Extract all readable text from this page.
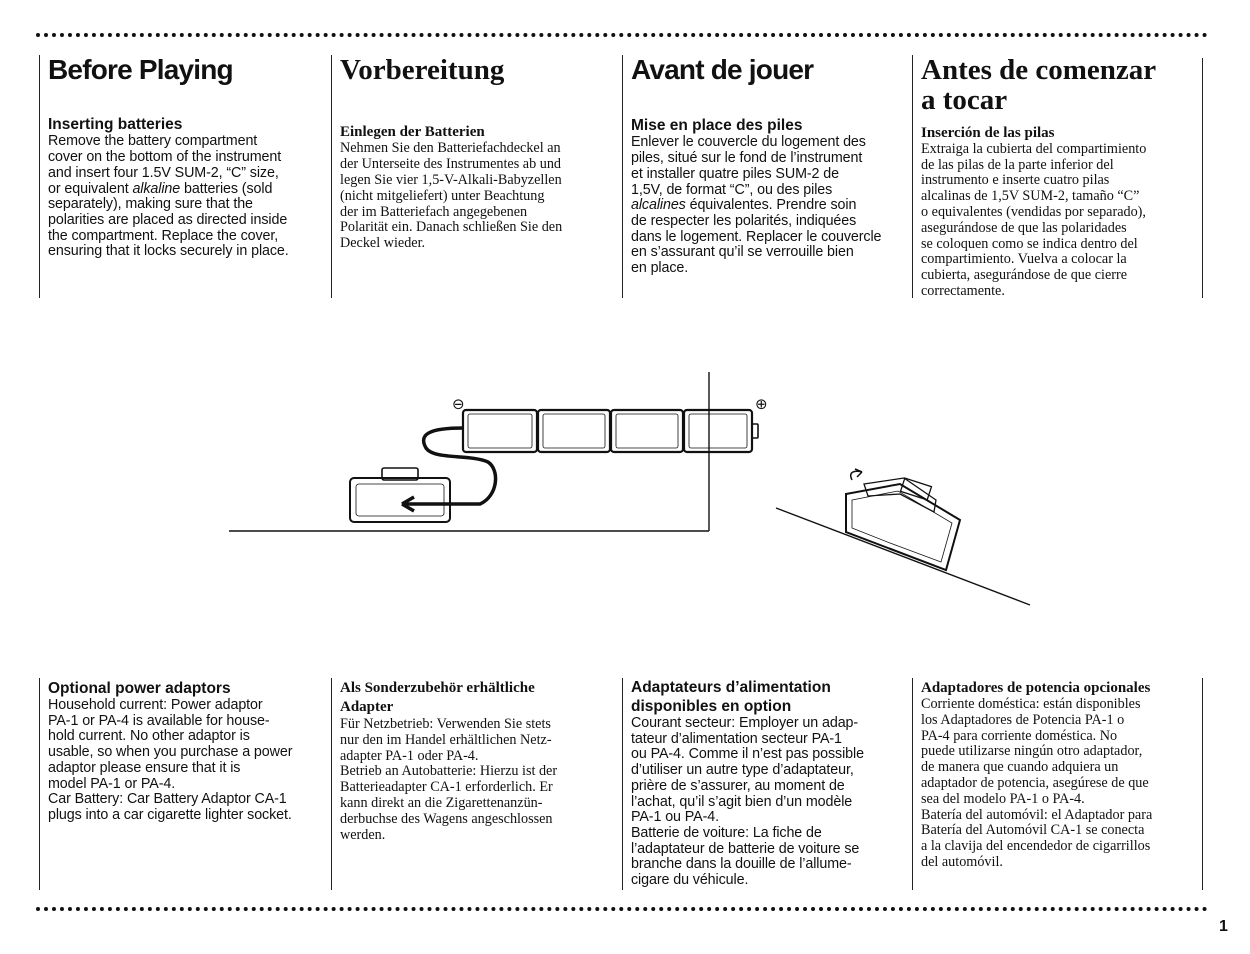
Before Playing
Inserting batteries

Remove the battery compartment
cover on the bottom of the instrument
and insert four 1.5V SUM-2, “C” size,
or equivalent alkaline batteries (sold
separately), making sure that the
polarities are placed as directed inside
the compartment. Replace the cover,
ensuring that it locks securely in place.

Vorbereitung
Einlegen der Batterien

Nehmen Sie den Batteriefachdeckel an
der Unterseite des Instrumentes ab und
legen Sie vier 1,5-V-Alkali-Babyzellen
(nicht mitgeliefert) unter Beachtung
der im Batteriefach angegebenen
Polarität ein. Danach schließen Sie den
Deckel wieder.

Avant de jouer
Mise en place des piles

Enlever le couvercle du logement des
piles, situé sur le fond de l’instrument
et installer quatre piles SUM-2 de
1,5V, de format “C”, ou des piles
alcalines équivalentes. Prendre soin
de respecter les polarités, indiquées
dans le logement. Replacer le couvercle
en s’assurant qu’il se verrouille bien
en place.

Antes de comenzar
a tocar
Inserción de las pilas

Extraiga la cubierta del compartimiento
de las pilas de la parte inferior del
instrumento e inserte cuatro pilas
alcalinas de 1,5V SUM-2, tamaño “C”
o equivalentes (vendidas por separado),
asegurándose de que las polaridades
se coloquen como se indica dentro del
compartimiento. Vuelva a colocar la
cubierta, asegurándose de que cierre
correctamente.

⊖	⊕
Optional power adaptors

Household current: Power adaptor
PA-1 or PA-4 is available for house-
hold current. No other adaptor is
usable, so when you purchase a power
adaptor please ensure that it is
model PA-1 or PA-4.
Car Battery: Car Battery Adaptor CA-1
plugs into a car cigarette lighter socket.

Als Sonderzubehör erhältliche
Adapter

Für Netzbetrieb: Verwenden Sie stets
nur den im Handel erhältlichen Netz-
adapter PA-1 oder PA-4.
Betrieb an Autobatterie: Hierzu ist der
Batterieadapter CA-1 erforderlich. Er
kann direkt an die Zigarettenanzün-
derbuchse des Wagens angeschlossen
werden.

Adaptateurs d’alimentation
disponibles en option

Courant secteur: Employer un adap-
tateur d’alimentation secteur PA-1
ou PA-4. Comme il n’est pas possible
d’utiliser un autre type d’adaptateur,
prière de s’assurer, au moment de
l’achat, qu’il s’agit bien d’un modèle
PA-1 ou PA-4.
Batterie de voiture: La fiche de
l’adaptateur de batterie de voiture se
branche dans la douille de l’allume-
cigare du véhicule.

Adaptadores de potencia opcionales

Corriente doméstica: están disponibles
los Adaptadores de Potencia PA-1 o
PA-4 para corriente doméstica. No
puede utilizarse ningún otro adaptador,
de manera que cuando adquiera un
adaptador de potencia, asegúrese de que
sea del modelo PA-1 o PA-4.
Batería del automóvil: el Adaptador para
Batería del Automóvil CA-1 se conecta
a la clavija del encendedor de cigarrillos
del automóvil.

1
